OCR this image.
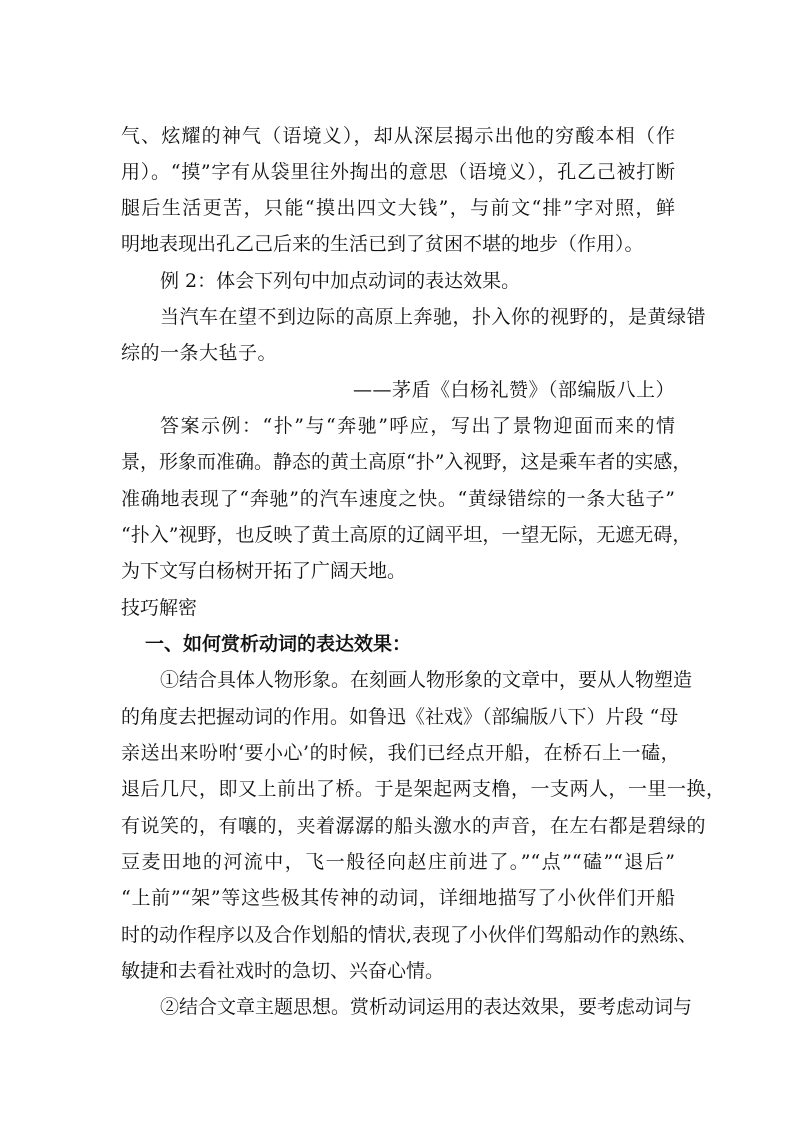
气、炫耀的神气（语境义），却从深层揭示出他的穷酸本相（作
用）。“摸”字有从袋里往外掏出的意思（语境义），孔乙己被打断
腿后生活更苦，只能“摸出四文大钱”，与前文“排”字对照，鲜
明地表现出孔乙己后来的生活已到了贫困不堪的地步（作用）。
例 2：体会下列句中加点动词的表达效果。
当汽车在望不到边际的高原上奔驰，扑入你的视野的，是黄绿错
综的一条大毡子。
——茅盾《白杨礼赞》（部编版八上）
答案示例：“扑”与“奔驰”呼应，写出了景物迎面而来的情
景，形象而准确。静态的黄土高原“扑”入视野，这是乘车者的实感，
准确地表现了“奔驰”的汽车速度之快。“黄绿错综的一条大毡子”
“扑入”视野，也反映了黄土高原的辽阔平坦，一望无际，无遮无碍，
为下文写白杨树开拓了广阔天地。
技巧解密
一、如何赏析动词的表达效果：
①结合具体人物形象。在刻画人物形象的文章中，要从人物塑造
的角度去把握动词的作用。如鲁迅《社戏》（部编版八下）片段 “母
亲送出来吩咐‘要小心’的时候，我们已经点开船，在桥石上一磕，
退后几尺，即又上前出了桥。于是架起两支橹，一支两人，一里一换，
有说笑的，有嚷的，夹着潺潺的船头激水的声音，在左右都是碧绿的
豆麦田地的河流中，飞一般径向赵庄前进了。”“点”“磕”“退后”
“上前”“架”等这些极其传神的动词，详细地描写了小伙伴们开船
时的动作程序以及合作划船的情状,表现了小伙伴们驾船动作的熟练、
敏捷和去看社戏时的急切、兴奋心情。
②结合文章主题思想。赏析动词运用的表达效果，要考虑动词与
